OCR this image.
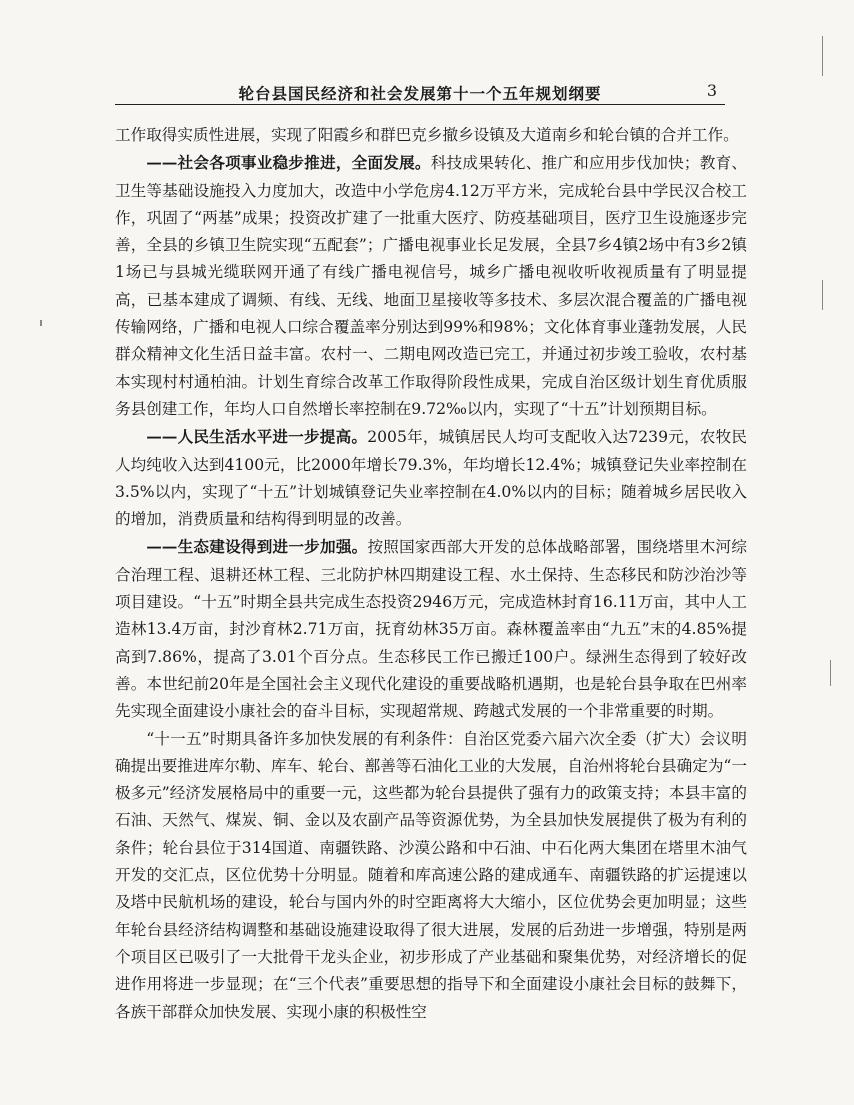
轮台县国民经济和社会发展第十一个五年规划纲要	3

工作取得实质性进展，实现了阳霞乡和群巴克乡撤乡设镇及大道南乡和轮台镇的合并工作。

——社会各项事业稳步推进，全面发展。科技成果转化、推广和应用步伐加快；教育、卫生等基础设施投入力度加大，改造中小学危房4.12万平方米，完成轮台县中学民汉合校工作，巩固了“两基”成果；投资改扩建了一批重大医疗、防疫基础项目，医疗卫生设施逐步完善，全县的乡镇卫生院实现“五配套”；广播电视事业长足发展，全县7乡4镇2场中有3乡2镇1场已与县城光缆联网开通了有线广播电视信号，城乡广播电视收听收视质量有了明显提高，已基本建成了调频、有线、无线、地面卫星接收等多技术、多层次混合覆盖的广播电视传输网络，广播和电视人口综合覆盖率分别达到99%和98%；文化体育事业蓬勃发展，人民群众精神文化生活日益丰富。农村一、二期电网改造已完工，并通过初步竣工验收，农村基本实现村村通柏油。计划生育综合改革工作取得阶段性成果，完成自治区级计划生育优质服务县创建工作，年均人口自然增长率控制在9.72‰以内，实现了“十五”计划预期目标。

——人民生活水平进一步提高。2005年，城镇居民人均可支配收入达7239元，农牧民人均纯收入达到4100元，比2000年增长79.3%，年均增长12.4%；城镇登记失业率控制在3.5%以内，实现了“十五”计划城镇登记失业率控制在4.0%以内的目标；随着城乡居民收入的增加，消费质量和结构得到明显的改善。

——生态建设得到进一步加强。按照国家西部大开发的总体战略部署，围绕塔里木河综合治理工程、退耕还林工程、三北防护林四期建设工程、水土保持、生态移民和防沙治沙等项目建设。“十五”时期全县共完成生态投资2946万元，完成造林封育16.11万亩，其中人工造林13.4万亩，封沙育林2.71万亩，抚育幼林35万亩。森林覆盖率由“九五”末的4.85%提高到7.86%，提高了3.01个百分点。生态移民工作已搬迁100户。绿洲生态得到了较好改善。本世纪前20年是全国社会主义现代化建设的重要战略机遇期，也是轮台县争取在巴州率先实现全面建设小康社会的奋斗目标，实现超常规、跨越式发展的一个非常重要的时期。

“十一五”时期具备许多加快发展的有利条件：自治区党委六届六次全委（扩大）会议明确提出要推进库尔勒、库车、轮台、鄯善等石油化工业的大发展，自治州将轮台县确定为“一极多元”经济发展格局中的重要一元，这些都为轮台县提供了强有力的政策支持；本县丰富的石油、天然气、煤炭、铜、金以及农副产品等资源优势，为全县加快发展提供了极为有利的条件；轮台县位于314国道、南疆铁路、沙漠公路和中石油、中石化两大集团在塔里木油气开发的交汇点，区位优势十分明显。随着和库高速公路的建成通车、南疆铁路的扩运提速以及塔中民航机场的建设，轮台与国内外的时空距离将大大缩小，区位优势会更加明显；这些年轮台县经济结构调整和基础设施建设取得了很大进展，发展的后劲进一步增强，特别是两个项目区已吸引了一大批骨干龙头企业，初步形成了产业基础和聚集优势，对经济增长的促进作用将进一步显现；在“三个代表”重要思想的指导下和全面建设小康社会目标的鼓舞下，各族干部群众加快发展、实现小康的积极性空
